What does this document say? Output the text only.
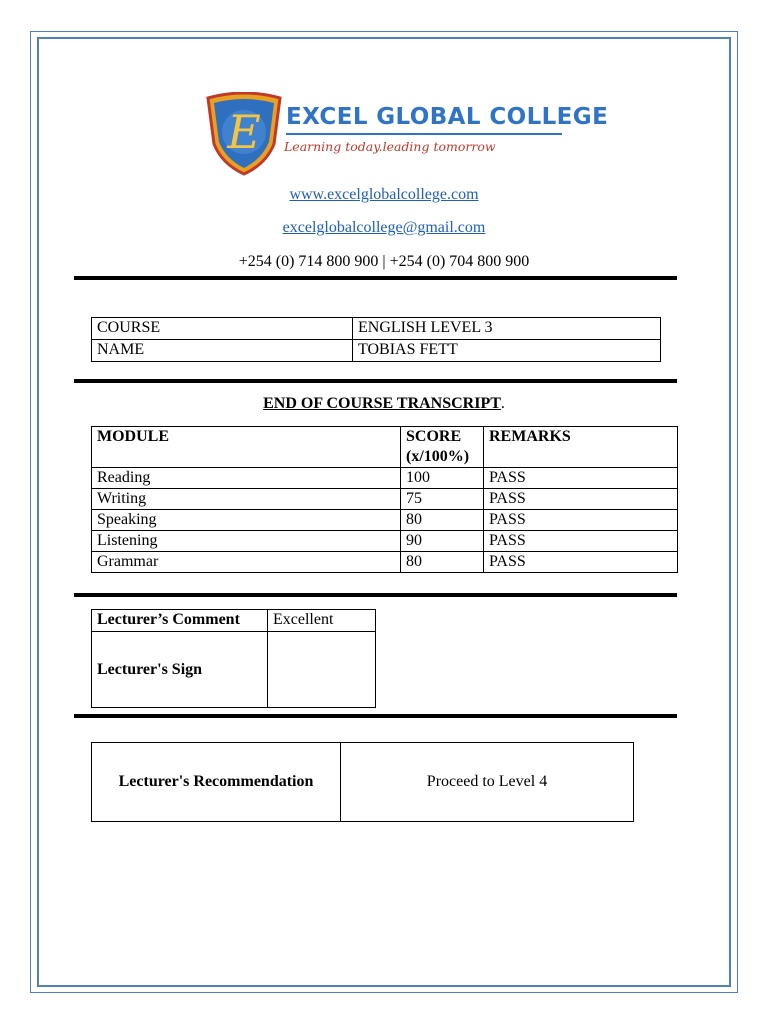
E EXCEL GLOBAL COLLEGE
Learning today.leading tomorrow
www.excelglobalcollege.com
excelglobalcollege@gmail.com
+254 (0) 714 800 900 | +254 (0) 704 800 900
COURSE	ENGLISH LEVEL 3
NAME	TOBIAS FETT
END OF COURSE TRANSCRIPT.
MODULE	SCORE (x/100%)	REMARKS
Reading	100	PASS
Writing	75	PASS
Speaking	80	PASS
Listening	90	PASS
Grammar	80	PASS
Lecturer’s Comment	Excellent
Lecturer's Sign	
Lecturer's Recommendation	Proceed to Level 4
